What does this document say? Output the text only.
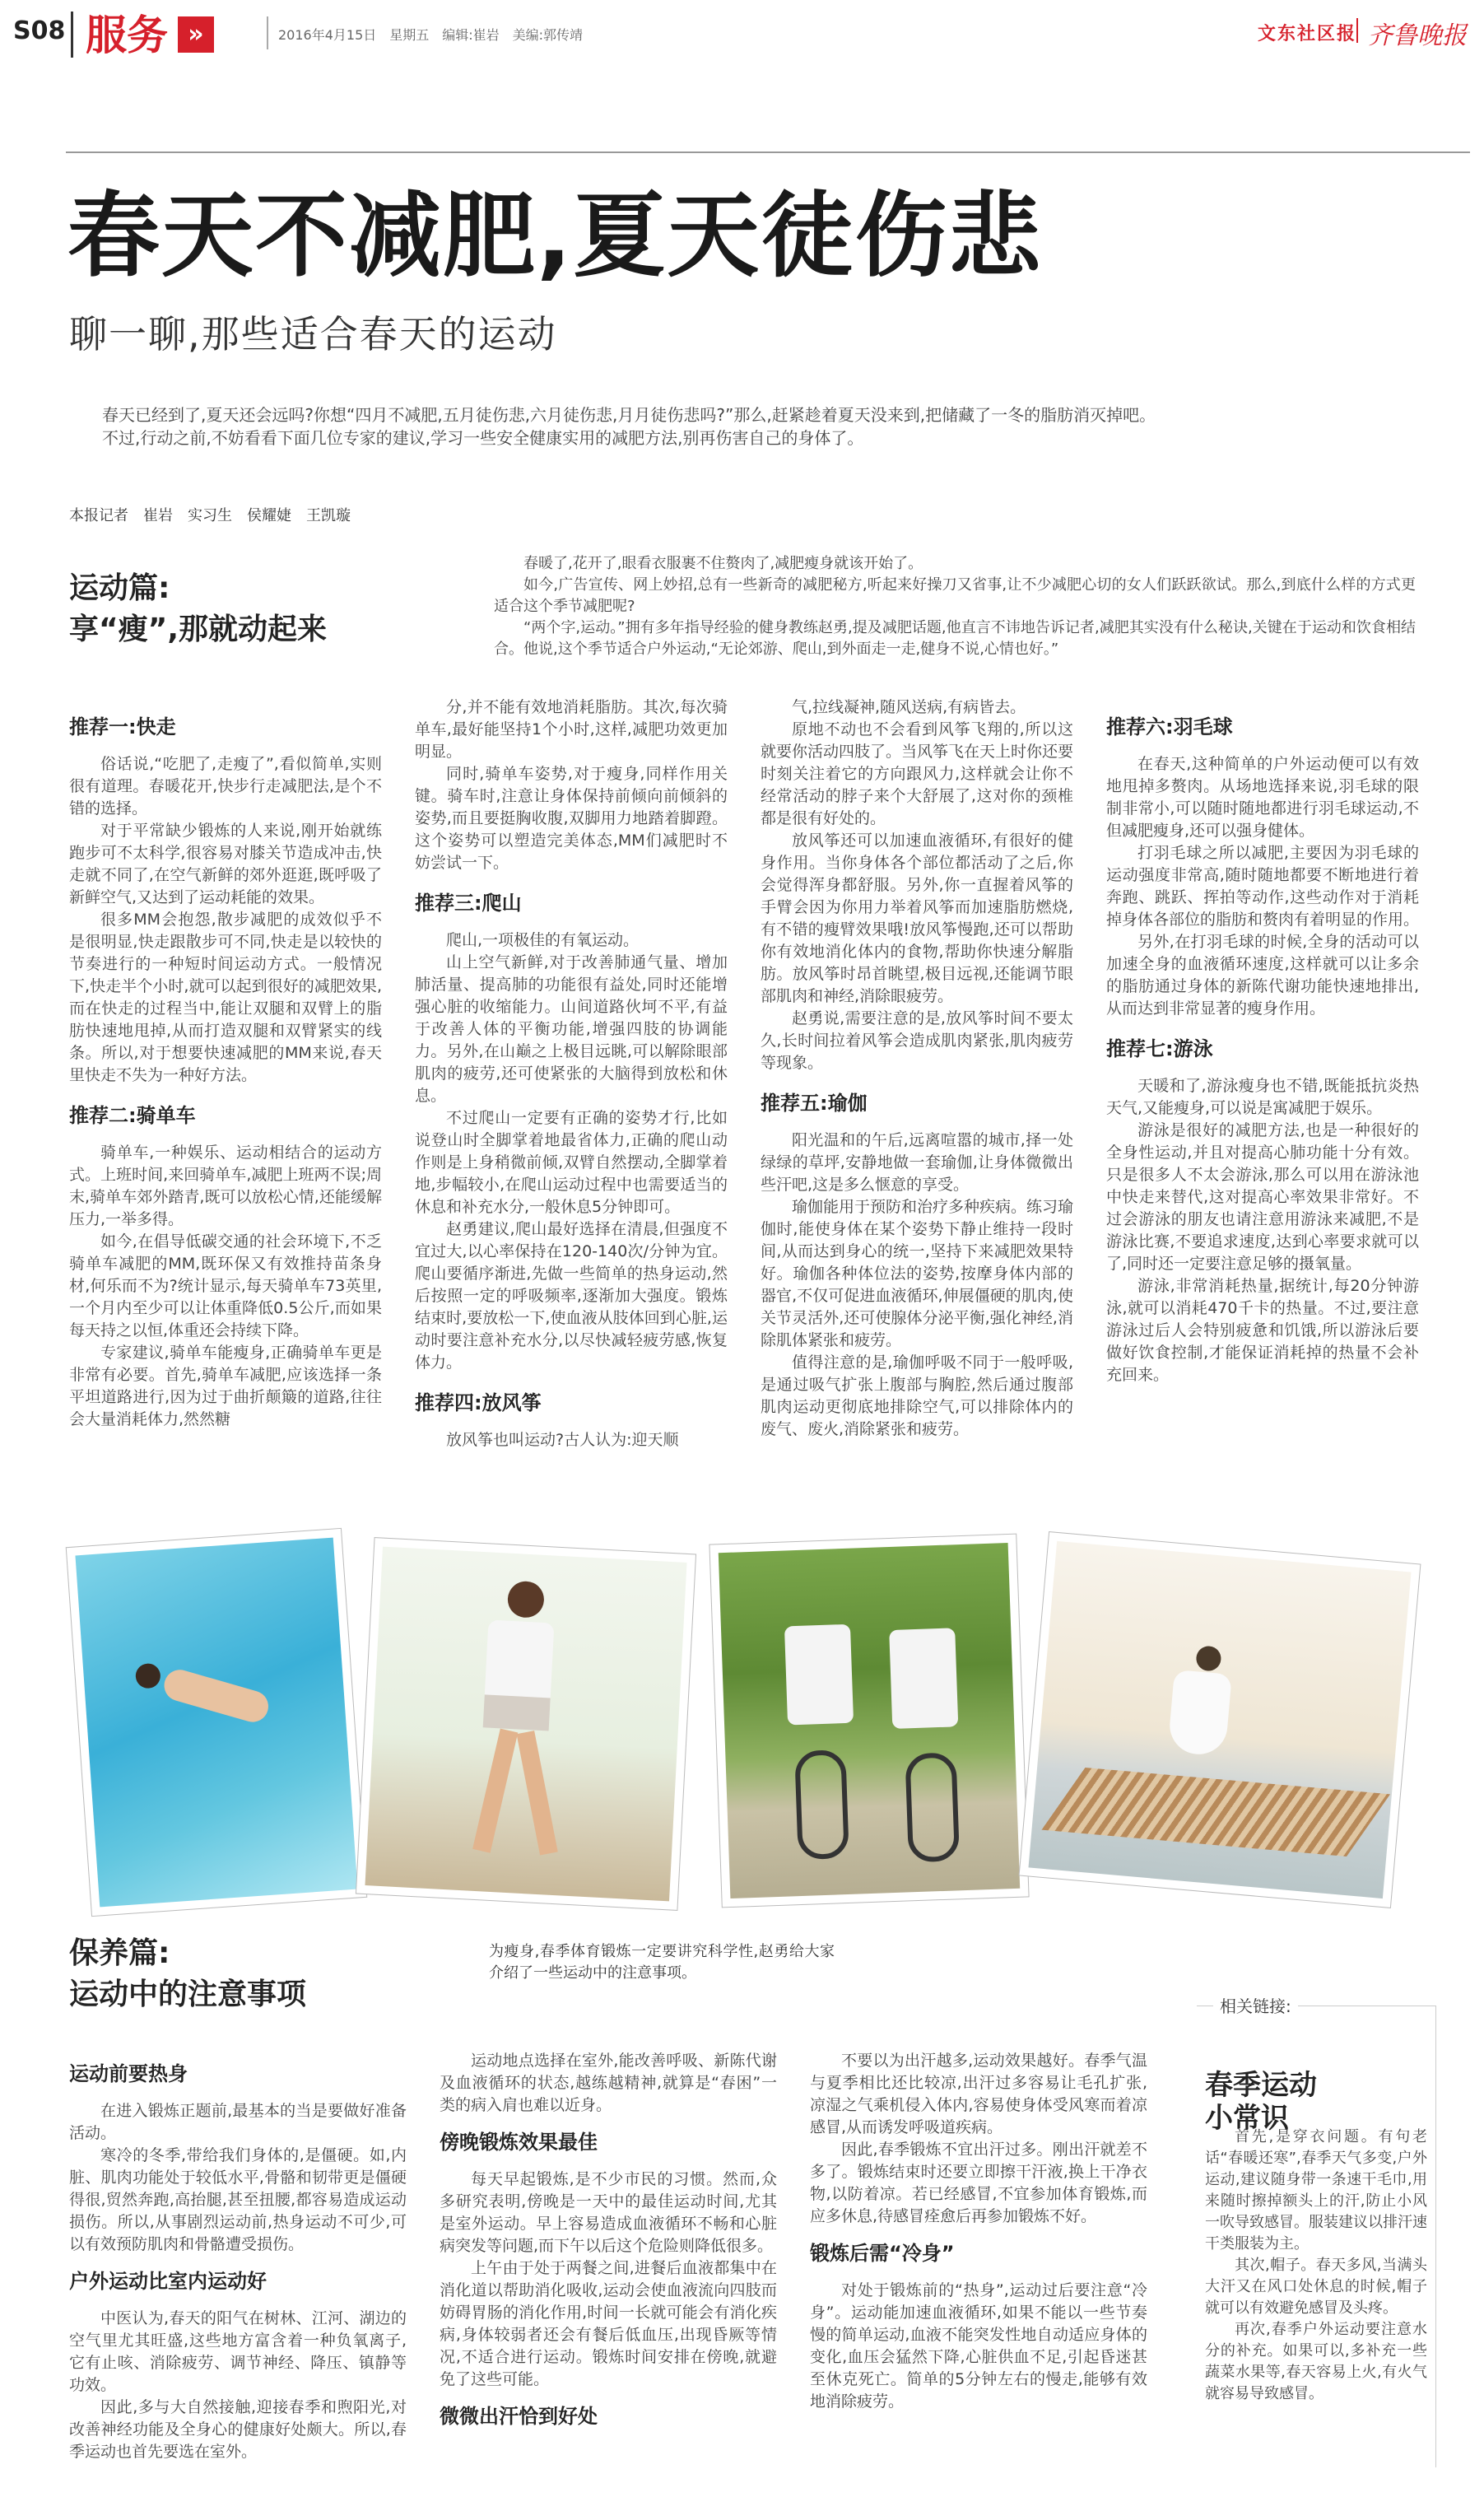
S08 服务 »	2016年4月15日　星期五　编辑:崔岩　美编:郭传靖	文东社区报 齐鲁晚报
春天不减肥,夏天徒伤悲
聊一聊,那些适合春天的运动

春天已经到了,夏天还会远吗?你想“四月不减肥,五月徒伤悲,六月徒伤悲,月月徒伤悲吗?”那么,赶紧趁着夏天没来到,把储藏了一冬的脂肪消灭掉吧。

不过,行动之前,不妨看看下面几位专家的建议,学习一些安全健康实用的减肥方法,别再伤害自己的身体了。

本报记者　崔岩　实习生　侯耀婕　王凯璇
运动篇:
享“瘦”,那就动起来

春暖了,花开了,眼看衣服裹不住赘肉了,减肥瘦身就该开始了。

如今,广告宣传、网上妙招,总有一些新奇的减肥秘方,听起来好操刀又省事,让不少减肥心切的女人们跃跃欲试。那么,到底什么样的方式更适合这个季节减肥呢?

“两个字,运动。”拥有多年指导经验的健身教练赵勇,提及减肥话题,他直言不讳地告诉记者,减肥其实没有什么秘诀,关键在于运动和饮食相结合。他说,这个季节适合户外运动,“无论郊游、爬山,到外面走一走,健身不说,心情也好。”

推荐一:快走

俗话说,“吃肥了,走瘦了”,看似简单,实则很有道理。春暖花开,快步行走减肥法,是个不错的选择。

对于平常缺少锻炼的人来说,刚开始就练跑步可不太科学,很容易对膝关节造成冲击,快走就不同了,在空气新鲜的郊外逛逛,既呼吸了新鲜空气,又达到了运动耗能的效果。

很多MM会抱怨,散步减肥的成效似乎不是很明显,快走跟散步可不同,快走是以较快的节奏进行的一种短时间运动方式。一般情况下,快走半个小时,就可以起到很好的减肥效果,而在快走的过程当中,能让双腿和双臂上的脂肪快速地甩掉,从而打造双腿和双臂紧实的线条。所以,对于想要快速减肥的MM来说,春天里快走不失为一种好方法。

推荐二:骑单车

骑单车,一种娱乐、运动相结合的运动方式。上班时间,来回骑单车,减肥上班两不误;周末,骑单车郊外踏青,既可以放松心情,还能缓解压力,一举多得。

如今,在倡导低碳交通的社会环境下,不乏骑单车减肥的MM,既环保又有效推持苗条身材,何乐而不为?统计显示,每天骑单车73英里,一个月内至少可以让体重降低0.5公斤,而如果每天持之以恒,体重还会持续下降。

专家建议,骑单车能瘦身,正确骑单车更是非常有必要。首先,骑单车减肥,应该选择一条平坦道路进行,因为过于曲折颠簸的道路,往往会大量消耗体力,然然糖

分,并不能有效地消耗脂肪。其次,每次骑单车,最好能坚持1个小时,这样,减肥功效更加明显。

同时,骑单车姿势,对于瘦身,同样作用关键。骑车时,注意让身体保持前倾向前倾斜的姿势,而且要挺胸收腹,双脚用力地踏着脚蹬。这个姿势可以塑造完美体态,MM们减肥时不妨尝试一下。

推荐三:爬山

爬山,一项极佳的有氧运动。

山上空气新鲜,对于改善肺通气量、增加肺活量、提高肺的功能很有益处,同时还能增强心脏的收缩能力。山间道路伙坷不平,有益于改善人体的平衡功能,增强四肢的协调能力。另外,在山巅之上极目远眺,可以解除眼部肌肉的疲劳,还可使紧张的大脑得到放松和休息。

不过爬山一定要有正确的姿势才行,比如说登山时全脚掌着地最省体力,正确的爬山动作则是上身稍微前倾,双臂自然摆动,全脚掌着地,步幅较小,在爬山运动过程中也需要适当的休息和补充水分,一般休息5分钟即可。

赵勇建议,爬山最好选择在清晨,但强度不宜过大,以心率保持在120-140次/分钟为宜。爬山要循序渐进,先做一些简单的热身运动,然后按照一定的呼吸频率,逐渐加大强度。锻炼结束时,要放松一下,使血液从肢体回到心脏,运动时要注意补充水分,以尽快减轻疲劳感,恢复体力。

推荐四:放风筝

放风筝也叫运动?古人认为:迎天顺

气,拉线凝神,随风送病,有病皆去。

原地不动也不会看到风筝飞翔的,所以这就要你活动四肢了。当风筝飞在天上时你还要时刻关注着它的方向跟风力,这样就会让你不经常活动的脖子来个大舒展了,这对你的颈椎都是很有好处的。

放风筝还可以加速血液循环,有很好的健身作用。当你身体各个部位都活动了之后,你会觉得浑身都舒服。另外,你一直握着风筝的手臂会因为你用力举着风筝而加速脂肪燃烧,有不错的瘦臂效果哦!放风筝慢跑,还可以帮助你有效地消化体内的食物,帮助你快速分解脂肪。放风筝时昂首眺望,极目远视,还能调节眼部肌肉和神经,消除眼疲劳。

赵勇说,需要注意的是,放风筝时间不要太久,长时间拉着风筝会造成肌肉紧张,肌肉疲劳等现象。

推荐五:瑜伽

阳光温和的午后,远离喧嚣的城市,择一处绿绿的草坪,安静地做一套瑜伽,让身体微微出些汗吧,这是多么惬意的享受。

瑜伽能用于预防和治疗多种疾病。练习瑜伽时,能使身体在某个姿势下静止维持一段时间,从而达到身心的统一,坚持下来减肥效果特好。瑜伽各种体位法的姿势,按摩身体内部的器官,不仅可促进血液循环,伸展僵硬的肌肉,使关节灵活外,还可使腺体分泌平衡,强化神经,消除肌体紧张和疲劳。

值得注意的是,瑜伽呼吸不同于一般呼吸,是通过吸气扩张上腹部与胸腔,然后通过腹部肌肉运动更彻底地排除空气,可以排除体内的废气、废火,消除紧张和疲劳。

推荐六:羽毛球

在春天,这种简单的户外运动便可以有效地甩掉多赘肉。从场地选择来说,羽毛球的限制非常小,可以随时随地都进行羽毛球运动,不但减肥瘦身,还可以强身健体。

打羽毛球之所以减肥,主要因为羽毛球的运动强度非常高,随时随地都要不断地进行着奔跑、跳跃、挥拍等动作,这些动作对于消耗掉身体各部位的脂肪和赘肉有着明显的作用。

另外,在打羽毛球的时候,全身的活动可以加速全身的血液循环速度,这样就可以让多余的脂肪通过身体的新陈代谢功能快速地排出,从而达到非常显著的瘦身作用。

推荐七:游泳

天暖和了,游泳瘦身也不错,既能抵抗炎热天气,又能瘦身,可以说是寓减肥于娱乐。

游泳是很好的减肥方法,也是一种很好的全身性运动,并且对提高心肺功能十分有效。只是很多人不太会游泳,那么可以用在游泳池中快走来替代,这对提高心率效果非常好。不过会游泳的朋友也请注意用游泳来减肥,不是游泳比赛,不要追求速度,达到心率要求就可以了,同时还一定要注意足够的摄氧量。

游泳,非常消耗热量,据统计,每20分钟游泳,就可以消耗470千卡的热量。不过,要注意游泳过后人会特别疲惫和饥饿,所以游泳后要做好饮食控制,才能保证消耗掉的热量不会补充回来。

保养篇:
运动中的注意事项

为瘦身,春季体育锻炼一定要讲究科学性,赵勇给大家介绍了一些运动中的注意事项。

运动前要热身

在进入锻炼正题前,最基本的当是要做好准备活动。

寒冷的冬季,带给我们身体的,是僵硬。如,内脏、肌肉功能处于较低水平,骨骼和韧带更是僵硬得很,贸然奔跑,高抬腿,甚至扭腰,都容易造成运动损伤。所以,从事剧烈运动前,热身运动不可少,可以有效预防肌肉和骨骼遭受损伤。

户外运动比室内运动好

中医认为,春天的阳气在树林、江河、湖边的空气里尤其旺盛,这些地方富含着一种负氧离子,它有止咳、消除疲劳、调节神经、降压、镇静等功效。

因此,多与大自然接触,迎接春季和煦阳光,对改善神经功能及全身心的健康好处颇大。所以,春季运动也首先要选在室外。

运动地点选择在室外,能改善呼吸、新陈代谢及血液循环的状态,越练越精神,就算是“春困”一类的病入肩也难以近身。

傍晚锻炼效果最佳

每天早起锻炼,是不少市民的习惯。然而,众多研究表明,傍晚是一天中的最佳运动时间,尤其是室外运动。早上容易造成血液循环不畅和心脏病突发等问题,而下午以后这个危险则降低很多。

上午由于处于两餐之间,进餐后血液都集中在消化道以帮助消化吸收,运动会使血液流向四肢而妨碍胃肠的消化作用,时间一长就可能会有消化疾病,身体较弱者还会有餐后低血压,出现昏厥等情况,不适合进行运动。锻炼时间安排在傍晚,就避免了这些可能。

微微出汗恰到好处

不要以为出汗越多,运动效果越好。春季气温与夏季相比还比较凉,出汗过多容易让毛孔扩张,凉湿之气乘机侵入体内,容易使身体受风寒而着凉感冒,从而诱发呼吸道疾病。

因此,春季锻炼不宜出汗过多。刚出汗就差不多了。锻炼结束时还要立即擦干汗液,换上干净衣物,以防着凉。若已经感冒,不宜参加体育锻炼,而应多休息,待感冒痊愈后再参加锻炼不好。

锻炼后需“冷身”

对处于锻炼前的“热身”,运动过后要注意“冷身”。运动能加速血液循环,如果不能以一些节奏慢的简单运动,血液不能突发性地自动适应身体的变化,血压会猛然下降,心脏供血不足,引起昏迷甚至休克死亡。简单的5分钟左右的慢走,能够有效地消除疲劳。

相关链接:
春季运动
小常识

首先,是穿衣问题。有句老话“春暖还寒”,春季天气多变,户外运动,建议随身带一条速干毛巾,用来随时擦掉额头上的汗,防止小风一吹导致感冒。服装建议以排汗速干类服装为主。

其次,帽子。春天多风,当满头大汗又在风口处休息的时候,帽子就可以有效避免感冒及头疼。

再次,春季户外运动要注意水分的补充。如果可以,多补充一些蔬菜水果等,春天容易上火,有火气就容易导致感冒。
